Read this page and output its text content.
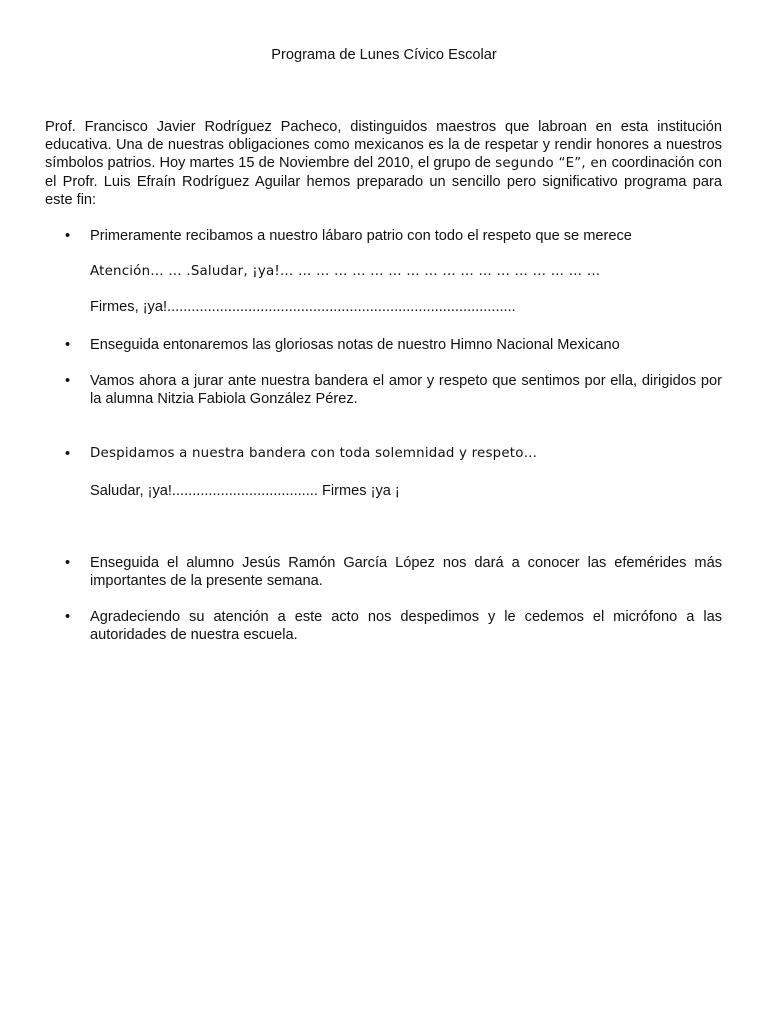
Programa de Lunes Cívico Escolar

Prof. Francisco Javier Rodríguez Pacheco, distinguidos maestros que labroan en esta institución educativa. Una de nuestras obligaciones como mexicanos es la de respetar y rendir honores a nuestros símbolos patrios. Hoy martes 15 de Noviembre del 2010, el grupo de segundo “E”, en coordinación con el Profr. Luis Efraín Rodríguez Aguilar hemos preparado un sencillo pero significativo programa para este fin:

• Primeramente recibamos a nuestro lábaro patrio con todo el respeto que se merece

Atención… … .Saludar, ¡ya!… … … … … … … … … … … … … … … … … …
Firmes, ¡ya!......................................................................................
• Enseguida entonaremos las gloriosas notas de nuestro Himno Nacional Mexicano

• Vamos ahora a jurar ante nuestra bandera el amor y respeto que sentimos por ella, dirigidos por la alumna Nitzia Fabiola González Pérez.

• Despidamos a nuestra bandera con toda solemnidad y respeto…

Saludar, ¡ya!.................................... Firmes ¡ya ¡
• Enseguida el alumno Jesús Ramón García López nos dará a conocer las efemérides más importantes de la presente semana.

• Agradeciendo su atención a este acto nos despedimos y le cedemos el micrófono a las autoridades de nuestra escuela.
